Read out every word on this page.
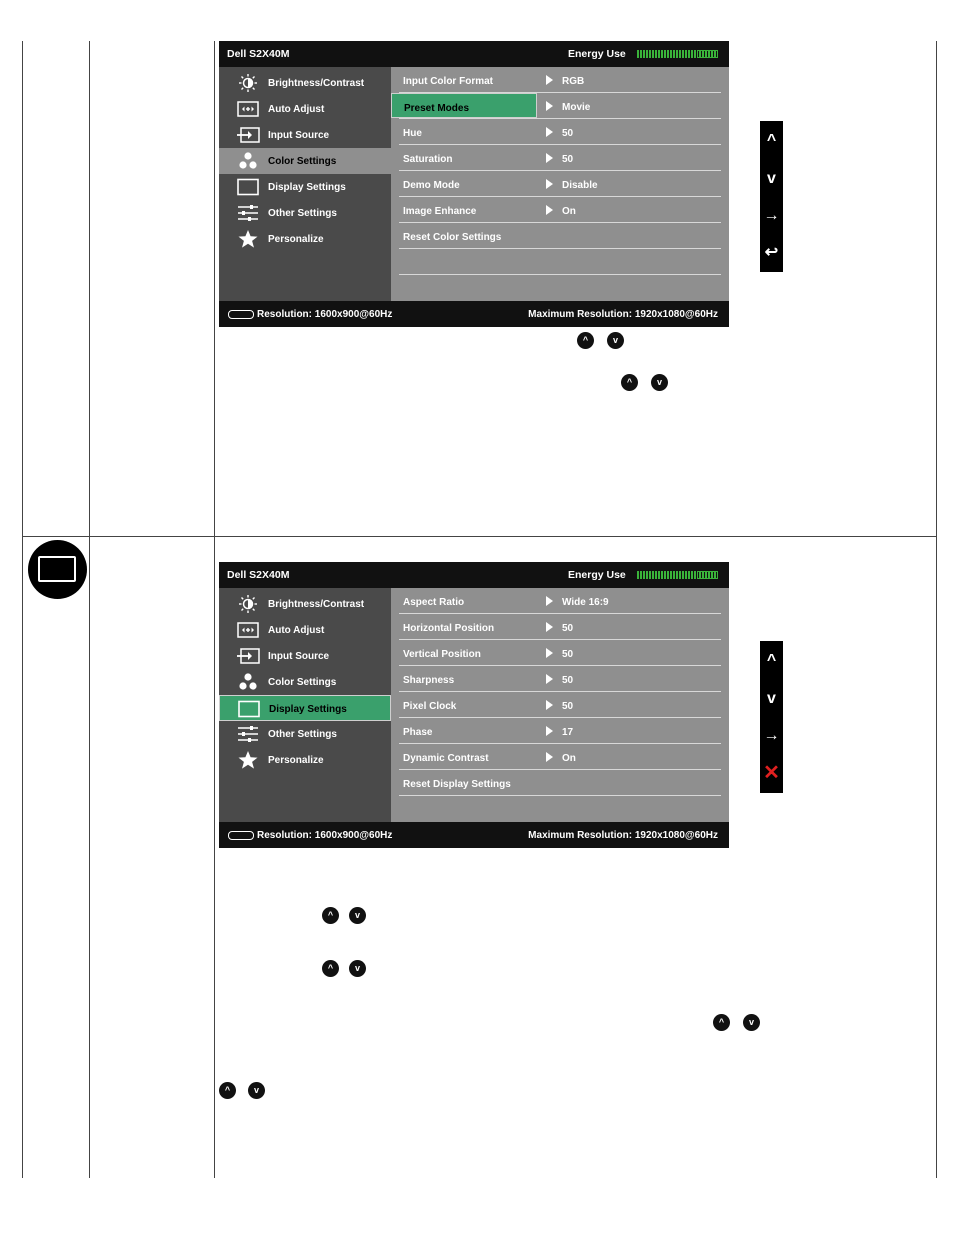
Dell S2X40M	Energy Use
Brightness/Contrast
Auto Adjust
Input Source
Color Settings
Display Settings
Other Settings
Personalize
Input Color Format	RGB
Preset Modes	Movie
Hue	50
Saturation	50
Demo Mode	Disable
Image Enhance	On
Reset Color Settings
Resolution: 1600x900@60Hz	Maximum Resolution: 1920x1080@60Hz
^
v
→
↩
^	v
^	v
Dell S2X40M	Energy Use
Brightness/Contrast
Auto Adjust
Input Source
Color Settings
Display Settings
Other Settings
Personalize
Aspect Ratio	Wide 16:9
Horizontal Position	50
Vertical Position	50
Sharpness	50
Pixel Clock	50
Phase	17
Dynamic Contrast	On
Reset Display Settings
Resolution: 1600x900@60Hz	Maximum Resolution: 1920x1080@60Hz
^
v
→
✕
^	v
^	v
^	v
^	v
